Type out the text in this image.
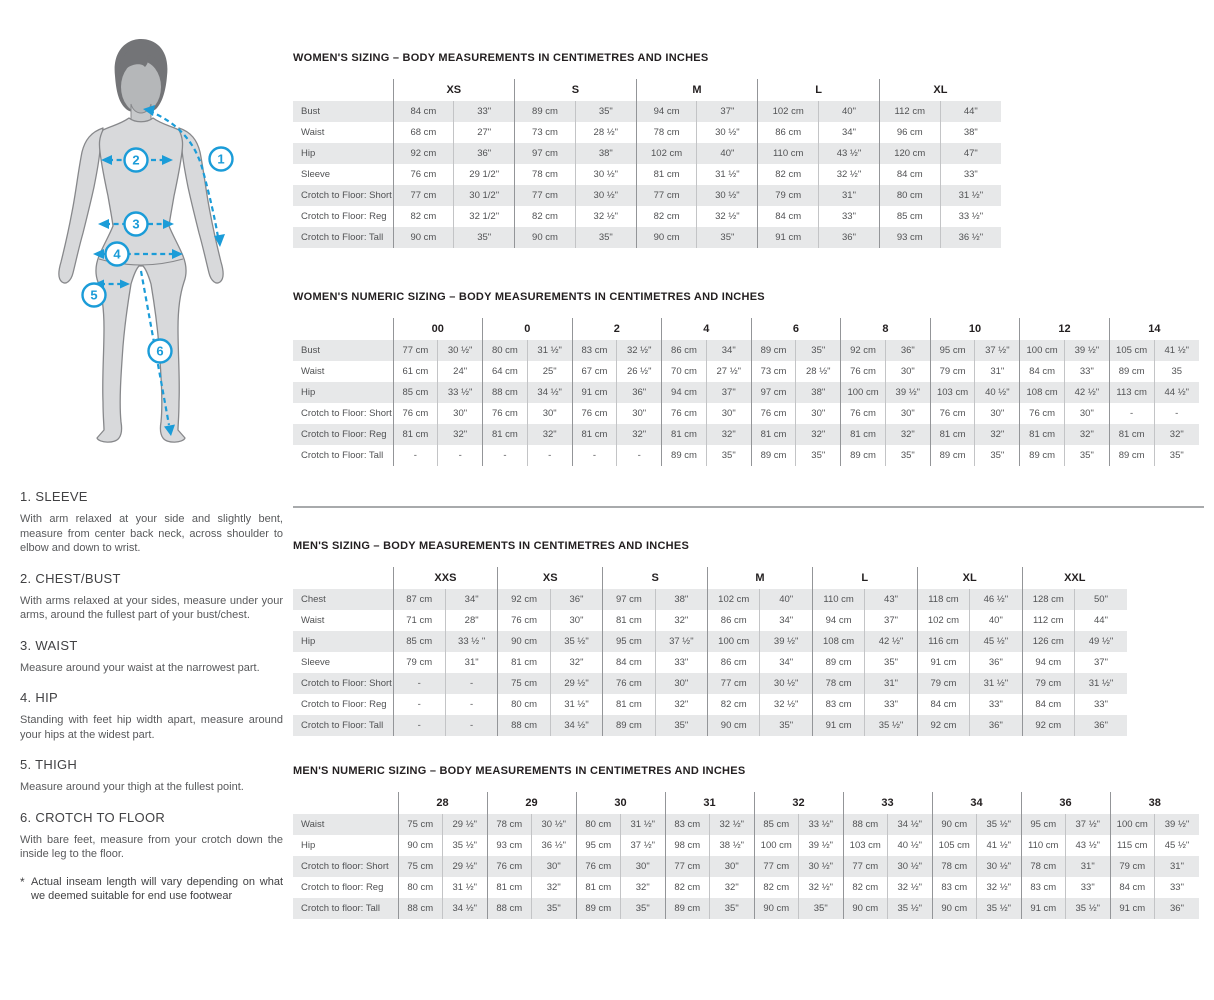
1
2
3
4
5
6
1. SLEEVE
With arm relaxed at your side and slightly bent, measure from center back neck, across shoulder to elbow and down to wrist.
2. CHEST/BUST
With arms relaxed at your sides, measure under your arms, around the fullest part of your bust/chest.
3. WAIST
Measure around your waist at the narrowest part.
4. HIP
Standing with feet hip width apart, measure around your hips at the widest part.
5. THIGH
Measure around your thigh at the fullest point.
6. CROTCH TO FLOOR
With bare feet, measure from your crotch down the inside leg to the floor.
* Actual inseam length will vary depending on what we deemed suitable for end use footwear
WOMEN'S SIZING – BODY MEASUREMENTS IN CENTIMETRES AND INCHES
	XS		S		M		L		XL	
Bust	84 cm	33"	89 cm	35"	94 cm	37"	102 cm	40"	112 cm	44"
Waist	68 cm	27"	73 cm	28 ½"	78 cm	30 ½"	86 cm	34"	96 cm	38"
Hip	92 cm	36"	97 cm	38"	102 cm	40"	110 cm	43 ½"	120 cm	47"
Sleeve	76 cm	29 1/2"	78 cm	30 ½"	81 cm	31 ½"	82 cm	32 ½"	84 cm	33"
Crotch to Floor: Short	77 cm	30 1/2"	77 cm	30 ½"	77 cm	30 ½"	79 cm	31"	80 cm	31 ½"
Crotch to Floor: Reg	82 cm	32 1/2"	82 cm	32 ½"	82 cm	32 ½"	84 cm	33"	85 cm	33 ½"
Crotch to Floor: Tall	90 cm	35"	90 cm	35"	90 cm	35"	91 cm	36"	93 cm	36 ½"
WOMEN'S NUMERIC SIZING – BODY MEASUREMENTS IN CENTIMETRES AND INCHES
	00		0		2		4		6		8		10		12		14	
Bust	77 cm	30 ½"	80 cm	31 ½"	83 cm	32 ½"	86 cm	34"	89 cm	35"	92 cm	36"	95 cm	37 ½"	100 cm	39 ½"	105 cm	41 ½"
Waist	61 cm	24"	64 cm	25"	67 cm	26 ½"	70 cm	27 ½"	73 cm	28 ½"	76 cm	30"	79 cm	31"	84 cm	33"	89 cm	35
Hip	85 cm	33 ½"	88 cm	34 ½"	91 cm	36"	94 cm	37"	97 cm	38"	100 cm	39 ½"	103 cm	40 ½"	108 cm	42 ½"	113 cm	44 ½"
Crotch to Floor: Short	76 cm	30"	76 cm	30"	76 cm	30"	76 cm	30"	76 cm	30"	76 cm	30"	76 cm	30"	76 cm	30"	-	-
Crotch to Floor: Reg	81 cm	32"	81 cm	32"	81 cm	32"	81 cm	32"	81 cm	32"	81 cm	32"	81 cm	32"	81 cm	32"	81 cm	32"
Crotch to Floor: Tall	-	-	-	-	-	-	89 cm	35"	89 cm	35"	89 cm	35"	89 cm	35"	89 cm	35"	89 cm	35"
MEN'S SIZING – BODY MEASUREMENTS IN CENTIMETRES AND INCHES
	XXS		XS		S		M		L		XL		XXL	
Chest	87 cm	34"	92 cm	36"	97 cm	38"	102 cm	40"	110 cm	43"	118 cm	46 ½"	128 cm	50"
Waist	71 cm	28"	76 cm	30"	81 cm	32"	86 cm	34"	94 cm	37"	102 cm	40"	112 cm	44"
Hip	85 cm	33 ½ "	90 cm	35 ½"	95 cm	37 ½"	100 cm	39 ½"	108 cm	42 ½"	116 cm	45 ½"	126 cm	49 ½"
Sleeve	79 cm	31"	81 cm	32"	84 cm	33"	86 cm	34"	89 cm	35"	91 cm	36"	94 cm	37"
Crotch to Floor: Short	-	-	75 cm	29 ½"	76 cm	30"	77 cm	30 ½"	78 cm	31"	79 cm	31 ½"	79 cm	31 ½"
Crotch to Floor: Reg	-	-	80 cm	31 ½"	81 cm	32"	82 cm	32 ½"	83 cm	33"	84 cm	33"	84 cm	33"
Crotch to Floor: Tall	-	-	88 cm	34 ½"	89 cm	35"	90 cm	35"	91 cm	35 ½"	92 cm	36"	92 cm	36"
MEN'S NUMERIC SIZING – BODY MEASUREMENTS IN CENTIMETRES AND INCHES
	28		29		30		31		32		33		34		36		38	
Waist	75 cm	29 ½"	78 cm	30 ½"	80 cm	31 ½"	83 cm	32 ½"	85 cm	33 ½"	88 cm	34 ½"	90 cm	35 ½"	95 cm	37 ½"	100 cm	39 ½"
Hip	90 cm	35 ½"	93 cm	36 ½"	95 cm	37 ½"	98 cm	38 ½"	100 cm	39 ½"	103 cm	40 ½"	105 cm	41 ½"	110 cm	43 ½"	115 cm	45 ½"
Crotch to floor: Short	75 cm	29 ½"	76 cm	30"	76 cm	30"	77 cm	30"	77 cm	30 ½"	77 cm	30 ½"	78 cm	30 ½"	78 cm	31"	79 cm	31"
Crotch to floor: Reg	80 cm	31 ½"	81 cm	32"	81 cm	32"	82 cm	32"	82 cm	32 ½"	82 cm	32 ½"	83 cm	32 ½"	83 cm	33"	84 cm	33"
Crotch to floor: Tall	88 cm	34 ½"	88 cm	35"	89 cm	35"	89 cm	35"	90 cm	35"	90 cm	35 ½"	90 cm	35 ½"	91 cm	35 ½"	91 cm	36"
